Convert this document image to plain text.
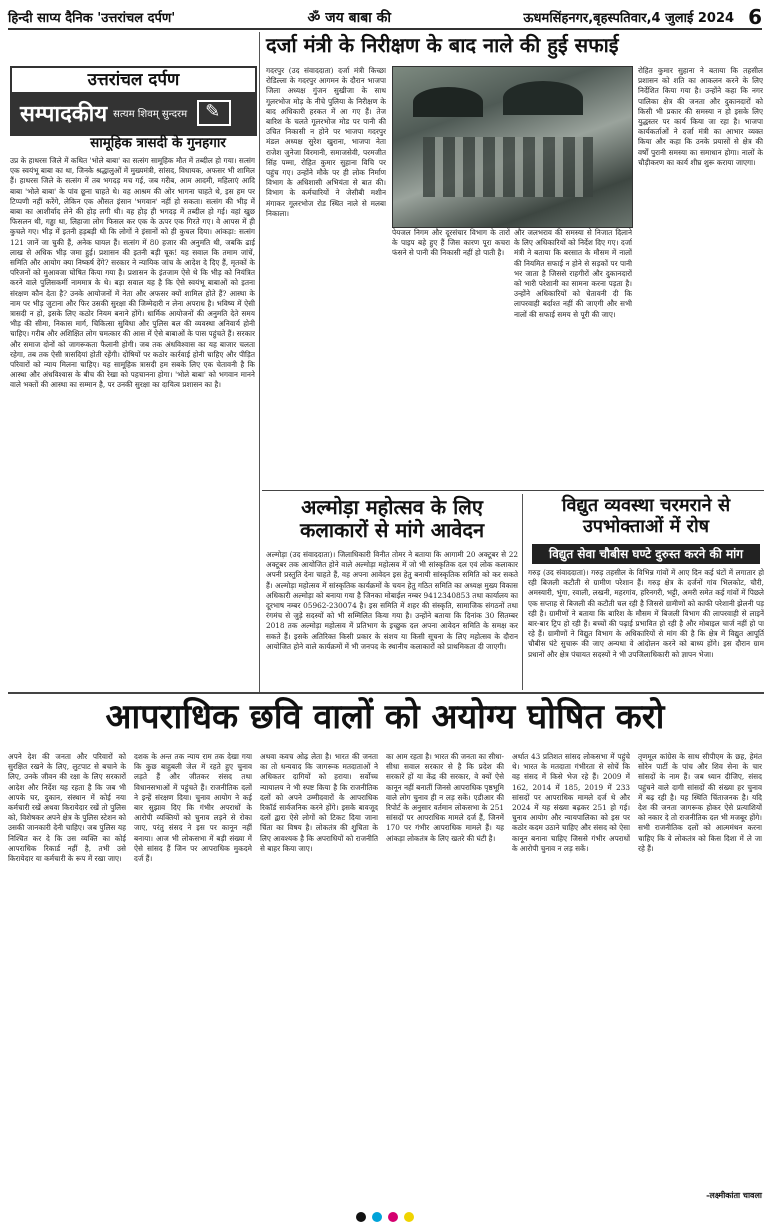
हिन्दी साप्य दैनिक 'उत्तरांचल दर्पण'	ॐ जय बाबा की	ऊधमसिंहनगर,बृहस्पतिवार,4 जुलाई 2024 6
उत्तरांचल दर्पण
सम्पादकीय सत्यम शिवम् सुन्दरम
✎
सामूहिक त्रासदी के गुनहगार
उप्र के हाथरस जिले में कथित 'भोले बाबा' का सत्संग सामूहिक मौत में तब्दील हो गया। सत्संग एक स्वयंभू बाबा का था, जिनके श्रद्धालुओं में मुख्यमंत्री, सांसद, विधायक, अफसर भी शामिल हैं। हाथरस जिले के सत्संग में तब भगदड़ मच गई, जब गरीब, आम आदमी, महिलाएं आदि बाबा 'भोले बाबा' के पांव छूना चाहते थे। वह आश्रम की ओर भागना चाहते थे, इस हम पर टिप्पणी नहीं करेंगे, लेकिन एक औसत इंसान 'भगवान' नहीं हो सकता। सत्संग की भीड़ में बाबा का आशीर्वाद लेने की होड़ लगी थी। वह होड़ ही भगदड़ में तब्दील हो गई। वहां खुछ फिसलन थी, गड्ढा था, लिहाजा लोग फिसल कर एक के ऊपर एक गिरते गए। वे आपस में ही कुचले गए। भीड़ में इतनी हड़बड़ी थी कि लोगों ने इंसानों को ही कुचल दिया। आंकड़ा: सत्संग 121 जानें जा चुकी हैं, अनेक घायल हैं। सत्संग में 80 हजार की अनुमति थी, जबकि ढाई लाख से अधिक भीड़ जमा हुई। प्रशासन की इतनी बड़ी चूक! यह सवाल कि तमाम जांचें, समिति और आयोग क्या निष्कर्ष देंगे? सरकार ने न्यायिक जांच के आदेश दे दिए हैं, मृतकों के परिजनों को मुआवजा घोषित किया गया है। प्रशासन के इंतजाम ऐसे थे कि भीड़ को नियंत्रित करने वाले पुलिसकर्मी नाममात्र के थे। बड़ा सवाल यह है कि ऐसे स्वयंभू बाबाओं को इतना संरक्षण कौन देता है? उनके आयोजनों में नेता और अफसर क्यों शामिल होते हैं? आस्था के नाम पर भीड़ जुटाना और फिर उसकी सुरक्षा की जिम्मेदारी न लेना अपराध है। भविष्य में ऐसी त्रासदी न हो, इसके लिए कठोर नियम बनाने होंगे। धार्मिक आयोजनों की अनुमति देते समय भीड़ की सीमा, निकास मार्ग, चिकित्सा सुविधा और पुलिस बल की व्यवस्था अनिवार्य होनी चाहिए। गरीब और अशिक्षित लोग चमत्कार की आस में ऐसे बाबाओं के पास पहुंचते हैं। सरकार और समाज दोनों को जागरूकता फैलानी होगी। जब तक अंधविश्वास का यह बाजार चलता रहेगा, तब तक ऐसी त्रासदियां होती रहेंगी। दोषियों पर कठोर कार्रवाई होनी चाहिए और पीड़ित परिवारों को न्याय मिलना चाहिए। यह सामूहिक त्रासदी हम सबके लिए एक चेतावनी है कि आस्था और अंधविश्वास के बीच की रेखा को पहचानना होगा। 'भोले बाबा' को भगवान मानने वाले भक्तों की आस्था का सम्मान है, पर उनकी सुरक्षा का दायित्व प्रशासन का है।
दर्जा मंत्री के निरीक्षण के बाद नाले की हुई सफाई
गदरपुर (उद संवाददाता) दर्जा मंत्री किच्छा रोडिल्ला के गदरपुर आगमन के दौरान भाजपा जिला अध्यक्ष गुंजन सुखीजा के साथ गूलरभोज मोड़ के नीचे पुलिया के निरीक्षण के बाद अधिकारी हरकत में आ गए हैं। तेज बारिश के चलते गूलरभोज मोड पर पानी की उचित निकासी न होने पर भाजपा गदरपुर मंडल अध्यक्ष सुरेश खुराना, भाजपा नेता राजेश जुनेजा विरमानी, समाजसेवी, परमजीत सिंह पम्मा, रोहित कुमार सुहाना विचि पर पहुंच गए। उन्होंने मौके पर ही लोक निर्माण विभाग के अधिशासी अभियंता से बात की। विभाग के कर्मचारियों ने जेसीबी मशीन मंगाकर गूलरभोज रोड स्थित नाले से मलबा निकाला।
पेयजल निगम और दूरसंचार विभाग के तारों के पाइप बहे हुए हैं जिस कारण पूरा कचरा फंसने से पानी की निकासी नहीं हो पाती है।
और जलभराव की समस्या से निजात दिलाने के लिए अधिकारियों को निर्देश दिए गए। दर्जा मंत्री ने बताया कि बरसात के मौसम में नालों की नियमित सफाई न होने से सड़कों पर पानी भर जाता है जिससे राहगीरों और दुकानदारों को भारी परेशानी का सामना करना पड़ता है। उन्होंने अधिकारियों को चेतावनी दी कि लापरवाही बर्दाश्त नहीं की जाएगी और सभी नालों की सफाई समय से पूरी की जाए।
रोहित कुमार सुहाना ने बताया कि तहसील प्रशासन को शति का आकलन करने के लिए निर्देशित किया गया है। उन्होंने कहा कि नगर पालिका क्षेत्र की जनता और दुकानदारों को किसी भी प्रकार की समस्या न हो इसके लिए युद्धस्तर पर कार्य किया जा रहा है। भाजपा कार्यकर्ताओं ने दर्जा मंत्री का आभार व्यक्त किया और कहा कि उनके प्रयासों से क्षेत्र की वर्षों पुरानी समस्या का समाधान होगा। नालों के चौड़ीकरण का कार्य शीघ्र शुरू कराया जाएगा।
अल्मोड़ा महोत्सव के लिए कलाकारों से मांगे आवेदन
अल्मोड़ा (उद संवाददाता)। जिलाधिकारी विनीत तोमर ने बताया कि आगामी 20 अक्टूबर से 22 अक्टूबर तक आयोजित होने वाले अल्मोड़ा महोत्सव में जो भी सांस्कृतिक दल एवं लोक कलाकार अपनी प्रस्तुति देना चाहते हैं, वह अपना आवेदन इस हेतु बनायी सांस्कृतिक समिति को कर सकते हैं। अल्मोड़ा महोत्सव में सांस्कृतिक कार्यक्रमों के चयन हेतु गठित समिति का अध्यक्ष मुख्य विकास अधिकारी अल्मोड़ा को बनाया गया है जिनका मोबाईल नम्बर 9412340853 तथा कार्यालय का दूरभाष नम्बर 05962-230074 है। इस समिति में शहर की संस्कृति, सामाजिक संगठनों तथा रंगमंच से जुड़े सदस्यों को भी सम्मिलित किया गया है। उन्होंने बताया कि दिनांक 30 सितम्बर 2018 तक अल्मोड़ा महोत्सव में प्रतिभाग के इच्छुक दल अपना आवेदन समिति के समक्ष कर सकते हैं। इसके अतिरिक्त किसी प्रकार के संशय या किसी सूचना के लिए महोत्सव के दौरान आयोजित होने वाले कार्यक्रमों में भी जनपद के स्थानीय कलाकारों को प्राथमिकता दी जाएगी।
विद्युत व्यवस्था चरमराने से उपभोक्ताओं में रोष
विद्युत सेवा चौबीस घण्टे दुरुस्त करने की मांग
गरुड़ (उद संवाददाता)। गरुड़ तहसील के विभिन्न गांवों में आए दिन कई घंटों में लगातार हो रही बिजली कटौती से ग्रामीण परेशान हैं। गरुड़ क्षेत्र के दर्जनों गांव भिलकोट, चौरी, अमस्यारी, भुंगा, रवाली, लखनी, महरगांव, हरिनगरी, भट्टी, अमरी समेत कई गांवों में पिछले एक सप्ताह से बिजली की कटौती चल रही है जिससे ग्रामीणों को काफी परेशानी झेलनी पड़ रही है। ग्रामीणों ने बताया कि बारिश के मौसम में बिजली विभाग की लापरवाही से लाइनें बार-बार ट्रिप हो रही हैं। बच्चों की पढ़ाई प्रभावित हो रही है और मोबाइल चार्ज नहीं हो पा रहे हैं। ग्रामीणों ने विद्युत विभाग के अधिकारियों से मांग की है कि क्षेत्र में विद्युत आपूर्ति चौबीस घंटे सुचारू की जाए अन्यथा वे आंदोलन करने को बाध्य होंगे। इस दौरान ग्राम प्रधानों और क्षेत्र पंचायत सदस्यों ने भी उपजिलाधिकारी को ज्ञापन भेजा।
आपराधिक छवि वालों को अयोग्य घोषित करो
अपने देश की जनता और परिवारों को सुरक्षित रखने के लिए, लुटपाट से बचाने के लिए, उनके जीवन की रक्षा के लिए सरकारों आदेश और निर्देश यह रहता है कि जब भी आपके घर, दुकान, संस्थान में कोई नया कर्मचारी रखें अथवा किरायेदार रखें तो पुलिस को, विशेषकर अपने क्षेत्र के पुलिस स्टेशन को उसकी जानकारी देनी चाहिए। जब पुलिस यह निश्चित कर दे कि उस व्यक्ति का कोई आपराधिक रिकार्ड नहीं है, तभी उसे किरायेदार या कर्मचारी के रूप में रखा जाए।
दशक के अन्त तक न्याय राम तक देखा गया कि कुछ बाहुबली जेल में रहते हुए चुनाव लड़ते हैं और जीतकर संसद तथा विधानसभाओं में पहुंचते हैं। राजनीतिक दलों ने इन्हें संरक्षण दिया। चुनाव आयोग ने कई बार सुझाव दिए कि गंभीर अपराधों के आरोपी व्यक्तियों को चुनाव लड़ने से रोका जाए, परंतु संसद ने इस पर कानून नहीं बनाया। आज भी लोकसभा में बड़ी संख्या में ऐसे सांसद हैं जिन पर आपराधिक मुकदमे दर्ज हैं।
अथवा कवच ओढ़ लेता है। भारत की जनता का तो धन्यवाद कि जागरूक मतदाताओं ने अधिकतर दागियों को हराया। सर्वोच्च न्यायालय ने भी स्पष्ट किया है कि राजनीतिक दलों को अपने उम्मीदवारों के आपराधिक रिकॉर्ड सार्वजनिक करने होंगे। इसके बावजूद दलों द्वारा ऐसे लोगों को टिकट दिया जाना चिंता का विषय है। लोकतंत्र की शुचिता के लिए आवश्यक है कि अपराधियों को राजनीति से बाहर किया जाए।
का आम रहता है। भारत की जनता का सीधा-सीधा सवाल सरकार से है कि प्रदेश की सरकारें हों या केंद्र की सरकार, वे क्यों ऐसे कानून नहीं बनातीं जिनसे आपराधिक पृष्ठभूमि वाले लोग चुनाव ही न लड़ सकें। एडीआर की रिपोर्ट के अनुसार वर्तमान लोकसभा के 251 सांसदों पर आपराधिक मामले दर्ज हैं, जिनमें 170 पर गंभीर आपराधिक मामले हैं। यह आंकड़ा लोकतंत्र के लिए खतरे की घंटी है।
अर्थात 43 प्रतिशत सांसद लोकसभा में पहुंचे थे। भारत के मतदाता गंभीरता से सोचें कि वह संसद में किसे भेज रहे हैं। 2009 में 162, 2014 में 185, 2019 में 233 सांसदों पर आपराधिक मामले दर्ज थे और 2024 में यह संख्या बढ़कर 251 हो गई। चुनाव आयोग और न्यायपालिका को इस पर कठोर कदम उठाने चाहिए और संसद को ऐसा कानून बनाना चाहिए जिससे गंभीर अपराधों के आरोपी चुनाव न लड़ सकें।
तृणमूल कांग्रेस के साथ सीपीएम के छह, हेमंत सोरेन पार्टी के पांच और शिव सेना के चार सांसदों के नाम हैं। जब ध्यान दीजिए, संसद पहुंचने वाले दागी सांसदों की संख्या हर चुनाव में बढ़ रही है। यह स्थिति चिंताजनक है। यदि देश की जनता जागरूक होकर ऐसे प्रत्याशियों को नकार दे तो राजनीतिक दल भी मजबूर होंगे। सभी राजनीतिक दलों को आत्ममंथन करना चाहिए कि वे लोकतंत्र को किस दिशा में ले जा रहे हैं।
-लक्ष्मीकांता चावला
